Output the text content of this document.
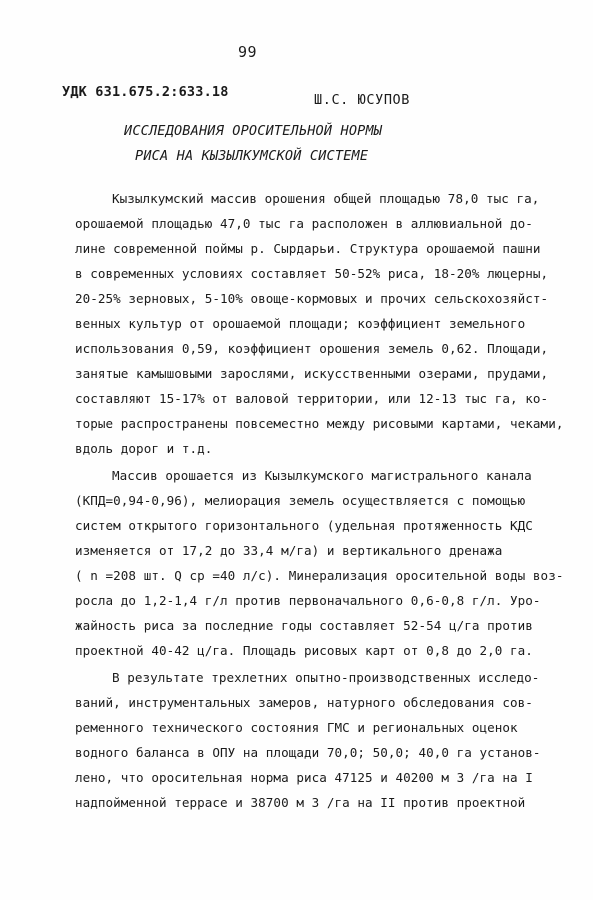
99
УДК 631.675.2:633.18	Ш.С. ЮСУПОВ
ИССЛЕДОВАНИЯ ОРОСИТЕЛЬНОЙ НОРМЫ
РИСА НА КЫЗЫЛКУМСКОЙ СИСТЕМЕ
Кызылкумский массив орошения общей площадью 78,0 тыс га,
орошаемой площадью 47,0 тыс га расположен в аллювиальной до-
лине современной поймы р. Сырдарьи. Структура орошаемой пашни
в современных условиях составляет 50-52% риса, 18-20% люцерны,
20-25% зерновых, 5-10% овоще-кормовых и прочих сельскохозяйст-
венных культур от орошаемой площади; коэффициент земельного
использования 0,59, коэффициент орошения земель 0,62. Площади,
занятые камышовыми зарослями, искусственными озерами, прудами,
составляют 15-17% от валовой территории, или 12-13 тыс га, ко-
торые распространены повсеместно между рисовыми картами, чеками,
вдоль дорог и т.д.
Массив орошается из Кызылкумского магистрального канала
(КПД=0,94-0,96), мелиорация земель осуществляется с помощью
систем открытого горизонтального (удельная протяженность КДС
изменяется от 17,2 до 33,4 м/га) и вертикального дренажа
( n =208 шт. Q ср =40 л/с). Минерализация оросительной воды воз-
росла до 1,2-1,4 г/л против первоначального 0,6-0,8 г/л. Уро-
жайность риса за последние годы составляет 52-54 ц/га против
проектной 40-42 ц/га. Площадь рисовых карт от 0,8 до 2,0 га.
В результате трехлетних опытно-производственных исследо-
ваний, инструментальных замеров, натурного обследования сов-
ременного технического состояния ГМС и региональных оценок
водного баланса в ОПУ на площади 70,0; 50,0; 40,0 га установ-
лено, что оросительная норма риса 47125 и 40200 м 3 /га на I
надпойменной террасе и 38700 м 3 /га на II против проектной
